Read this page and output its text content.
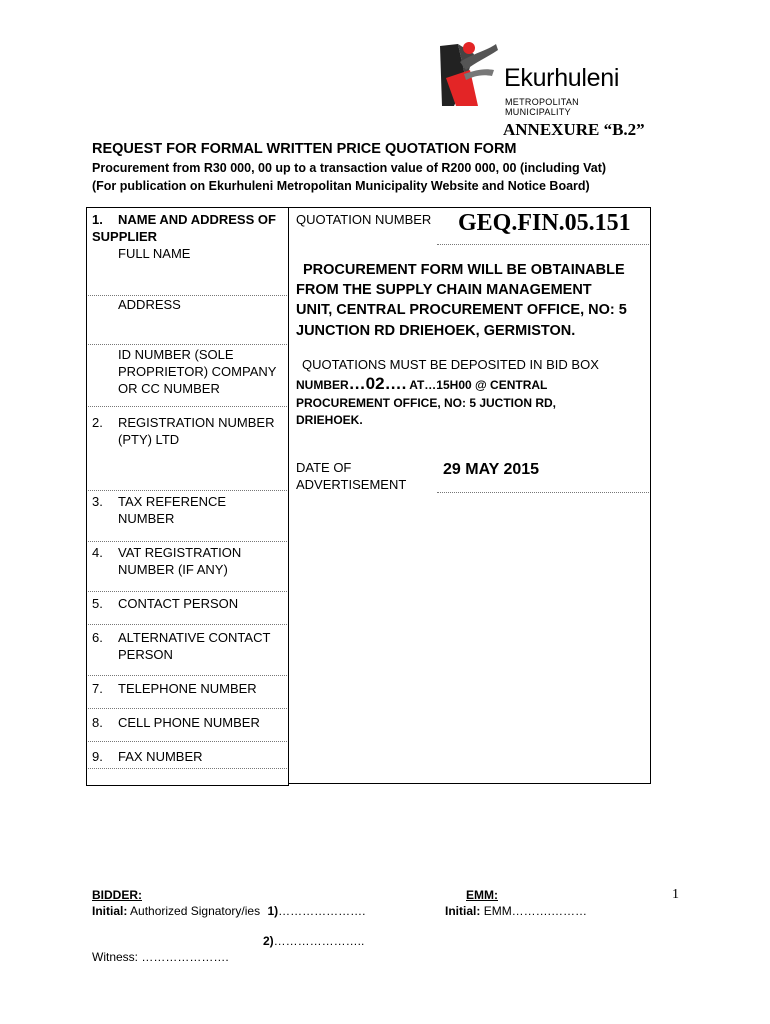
Ekurhuleni
METROPOLITAN MUNICIPALITY
ANNEXURE “B.2”
REQUEST FOR FORMAL WRITTEN PRICE QUOTATION FORM
Procurement from R30 000, 00 up to a transaction value of R200 000, 00 (including Vat)
(For publication on Ekurhuleni Metropolitan Municipality Website and Notice Board)
1. NAME AND ADDRESS OF
SUPPLIER
FULL NAME
ADDRESS
ID NUMBER (SOLE
PROPRIETOR) COMPANY
OR CC NUMBER
2. REGISTRATION NUMBER
(PTY) LTD
3. TAX REFERENCE
NUMBER
4. VAT REGISTRATION
NUMBER (IF ANY)
5. CONTACT PERSON
6. ALTERNATIVE CONTACT
PERSON
7. TELEPHONE NUMBER
8. CELL PHONE NUMBER
9. FAX NUMBER
QUOTATION NUMBER GEQ.FIN.05.151
PROCUREMENT FORM WILL BE OBTAINABLE
FROM THE SUPPLY CHAIN MANAGEMENT
UNIT, CENTRAL PROCUREMENT OFFICE, NO: 5
JUNCTION RD DRIEHOEK, GERMISTON.
QUOTATIONS MUST BE DEPOSITED IN BID BOX
NUMBER…02…. AT…15H00 @ CENTRAL
PROCUREMENT OFFICE, NO: 5 JUCTION RD,
DRIEHOEK.
DATE OF
ADVERTISEMENT
29 MAY 2015
BIDDER:
Initial: Authorized Signatory/ies 1)………………….
2)…………………..
Witness: ………………….
EMM:
Initial: EMM……….………
1
